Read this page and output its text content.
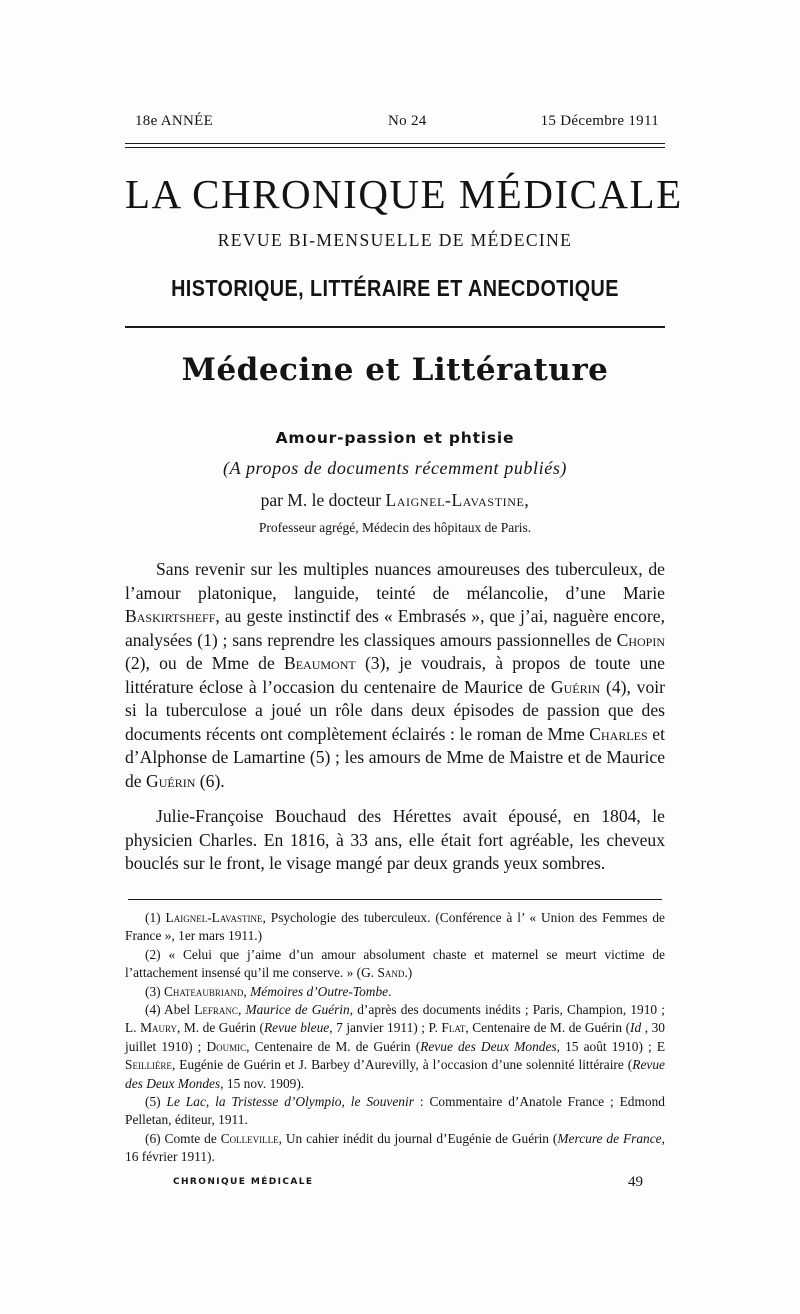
18e ANNÉE	No 24	15 Décembre 1911
LA CHRONIQUE MÉDICALE
REVUE BI-MENSUELLE DE MÉDECINE
HISTORIQUE, LITTÉRAIRE ET ANECDOTIQUE
Médecine et Littérature
Amour-passion et phtisie
(A propos de documents récemment publiés)
par M. le docteur Laignel-Lavastine,
Professeur agrégé, Médecin des hôpitaux de Paris.

Sans revenir sur les multiples nuances amoureuses des tuberculeux, de l’amour platonique, languide, teinté de mélancolie, d’une Marie Baskirtsheff, au geste instinctif des « Embrasés », que j’ai, naguère encore, analysées (1) ; sans reprendre les classiques amours passionnelles de Chopin (2), ou de Mme de Beaumont (3), je voudrais, à propos de toute une littérature éclose à l’occasion du centenaire de Maurice de Guérin (4), voir si la tuberculose a joué un rôle dans deux épisodes de passion que des documents récents ont complètement éclairés : le roman de Mme Charles et d’Alphonse de Lamartine (5) ; les amours de Mme de Maistre et de Maurice de Guérin (6).

Julie-Françoise Bouchaud des Hérettes avait épousé, en 1804, le physicien Charles. En 1816, à 33 ans, elle était fort agréable, les cheveux bouclés sur le front, le visage mangé par deux grands yeux sombres.

(1) Laignel-Lavastine, Psychologie des tuberculeux. (Conférence à l’ « Union des Femmes de France », 1er mars 1911.)

(2) « Celui que j’aime d’un amour absolument chaste et maternel se meurt victime de l’attachement insensé qu’il me conserve. » (G. Sand.)

(3) Chateaubriand, Mémoires d’Outre-Tombe.

(4) Abel Lefranc, Maurice de Guérin, d’après des documents inédits ; Paris, Champion, 1910 ; L. Maury, M. de Guérin (Revue bleue, 7 janvier 1911) ; P. Flat, Centenaire de M. de Guérin (Id , 30 juillet 1910) ; Doumic, Centenaire de M. de Guérin (Revue des Deux Mondes, 15 août 1910) ; E Seillière, Eugénie de Guérin et J. Barbey d’Aurevilly, à l’occasion d’une solennité littéraire (Revue des Deux Mondes, 15 nov. 1909).

(5) Le Lac, la Tristesse d’Olympio, le Souvenir : Commentaire d’Anatole France ; Edmond Pelletan, éditeur, 1911.

(6) Comte de Colleville, Un cahier inédit du journal d’Eugénie de Guérin (Mercure de France, 16 février 1911).

CHRONIQUE MÉDICALE	49
